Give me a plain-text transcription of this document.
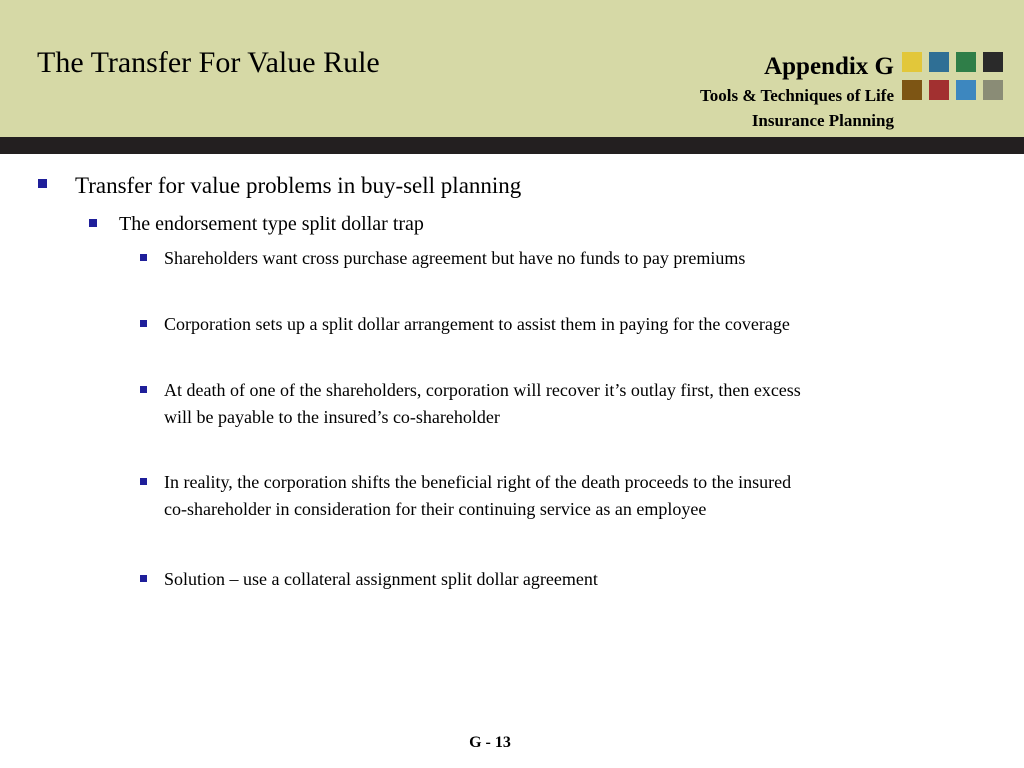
The Transfer For Value Rule	Appendix G
Tools & Techniques of Life
Insurance Planning
Transfer for value problems in buy-sell planning
The endorsement type split dollar trap
Shareholders want cross purchase agreement but have no funds to pay premiums
Corporation sets up a split dollar arrangement to assist them in paying for the coverage
At death of one of the shareholders, corporation will recover it’s outlay first, then excess
will be payable to the insured’s co-shareholder
In reality, the corporation shifts the beneficial right of the death proceeds to the insured
co-shareholder in consideration for their continuing service as an employee
Solution – use a collateral assignment split dollar agreement
G - 13
